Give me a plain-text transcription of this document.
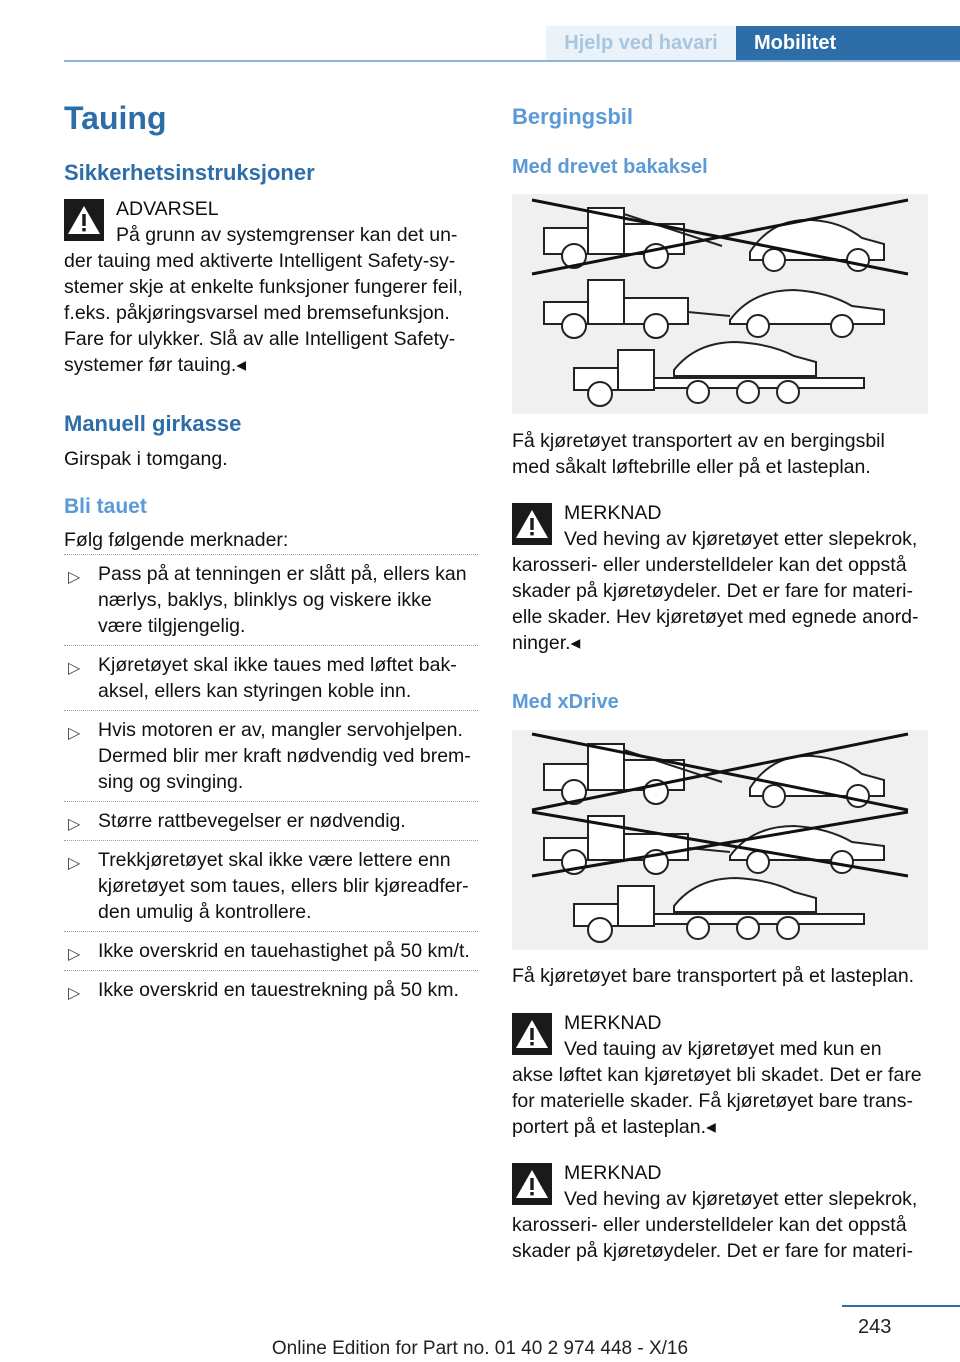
Hjelp ved havari	Mobilitet
Tauing
Sikkerhetsinstruksjoner
ADVARSEL
På grunn av systemgrenser kan det un-der tauing med aktiverte Intelligent Safety-sy-stemer skje at enkelte funksjoner fungerer feil, f.eks. påkjøringsvarsel med bremsefunksjon. Fare for ulykker. Slå av alle Intelligent Safety-systemer før tauing.◂
Manuell girkasse
Girspak i tomgang.
Bli tauet
Følg følgende merknader:
▷ Pass på at tenningen er slått på, ellers kan nærlys, baklys, blinklys og viskere ikke være tilgjengelig.
▷ Kjøretøyet skal ikke taues med løftet bak-aksel, ellers kan styringen koble inn.
▷ Hvis motoren er av, mangler servohjelpen. Dermed blir mer kraft nødvendig ved brem-sing og svinging.
▷ Større rattbevegelser er nødvendig.
▷ Trekkjøretøyet skal ikke være lettere enn kjøretøyet som taues, ellers blir kjøreadfer-den umulig å kontrollere.
▷ Ikke overskrid en tauehastighet på 50 km/t.
▷ Ikke overskrid en tauestrekning på 50 km.
Bergingsbil
Med drevet bakaksel
Få kjøretøyet transportert av en bergingsbil med såkalt løftebrille eller på et lasteplan.
MERKNAD
Ved heving av kjøretøyet etter slepekrok, karosseri- eller understelldeler kan det oppstå skader på kjøretøydeler. Det er fare for materi-elle skader. Hev kjøretøyet med egnede anord-ninger.◂
Med xDrive
Få kjøretøyet bare transportert på et lasteplan.
MERKNAD
Ved tauing av kjøretøyet med kun en akse løftet kan kjøretøyet bli skadet. Det er fare for materielle skader. Få kjøretøyet bare trans-portert på et lasteplan.◂
MERKNAD
Ved heving av kjøretøyet etter slepekrok, karosseri- eller understelldeler kan det oppstå skader på kjøretøydeler. Det er fare for materi-
243
Online Edition for Part no. 01 40 2 974 448 - X/16
